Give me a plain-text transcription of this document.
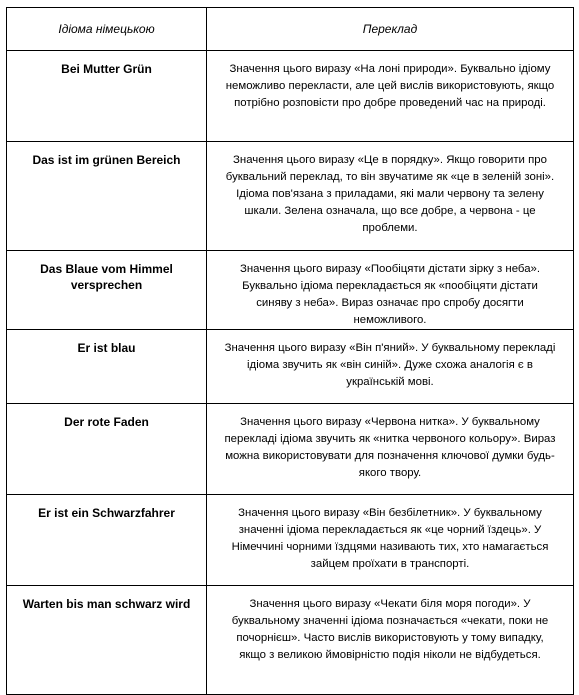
Ідіома німецькою	Переклад
Bei Mutter Grün	Значення цього виразу «На лоні природи». Буквально ідіому неможливо перекласти, але цей вислів використовують, якщо потрібно розповісти про добре проведений час на природі.
Das ist im grünen Bereich	Значення цього виразу «Це в порядку». Якщо говорити про буквальний переклад, то він звучатиме як «це в зеленій зоні». Ідіома пов'язана з приладами, які мали червону та зелену шкали. Зелена означала, що все добре, а червона - це проблеми.
Das Blaue vom Himmel versprechen	Значення цього виразу «Пообіцяти дістати зірку з неба». Буквально ідіома перекладається як «пообіцяти дістати синяву з неба». Вираз означає про спробу досягти неможливого.
Er ist blau	Значення цього виразу «Він п'яний». У буквальному перекладі ідіома звучить як «він синій». Дуже схожа аналогія є в українській мові.
Der rote Faden	Значення цього виразу «Червона нитка». У буквальному перекладі ідіома звучить як «нитка червоного кольору». Вираз можна використовувати для позначення ключової думки будь-якого твору.
Er ist ein Schwarzfahrer	Значення цього виразу «Він безбілетник». У буквальному значенні ідіома перекладається як «це чорний їздець». У Німеччині чорними їздцями називають тих, хто намагається зайцем проїхати в транспорті.
Warten bis man schwarz wird	Значення цього виразу «Чекати біля моря погоди». У буквальному значенні ідіома позначається «чекати, поки не почорнієш». Часто вислів використовують у тому випадку, якщо з великою ймовірністю подія ніколи не відбудеться.
